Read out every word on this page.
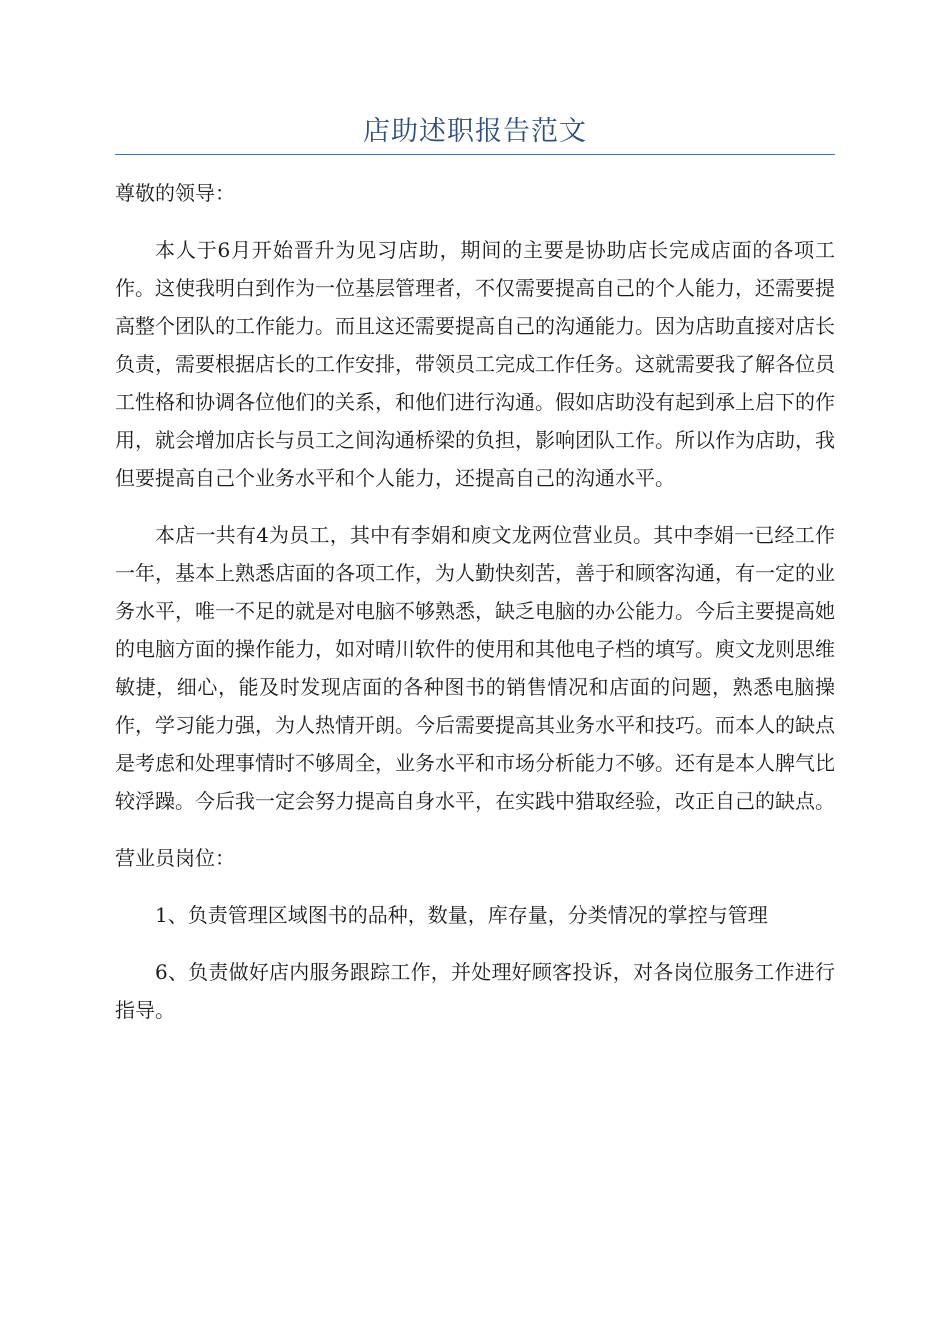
店助述职报告范文

尊敬的领导：

本人于6月开始晋升为见习店助，期间的主要是协助店长完成店面的各项工作。这使我明白到作为一位基层管理者，不仅需要提高自己的个人能力，还需要提高整个团队的工作能力。而且这还需要提高自己的沟通能力。因为店助直接对店长负责，需要根据店长的工作安排，带领员工完成工作任务。这就需要我了解各位员工性格和协调各位他们的关系，和他们进行沟通。假如店助没有起到承上启下的作用，就会增加店长与员工之间沟通桥梁的负担，影响团队工作。所以作为店助，我但要提高自己个业务水平和个人能力，还提高自己的沟通水平。

本店一共有4为员工，其中有李娟和庾文龙两位营业员。其中李娟一已经工作一年，基本上熟悉店面的各项工作，为人勤快刻苦，善于和顾客沟通，有一定的业务水平，唯一不足的就是对电脑不够熟悉，缺乏电脑的办公能力。今后主要提高她的电脑方面的操作能力，如对晴川软件的使用和其他电子档的填写。庾文龙则思维敏捷，细心，能及时发现店面的各种图书的销售情况和店面的问题，熟悉电脑操作，学习能力强，为人热情开朗。今后需要提高其业务水平和技巧。而本人的缺点是考虑和处理事情时不够周全，业务水平和市场分析能力不够。还有是本人脾气比较浮躁。今后我一定会努力提高自身水平，在实践中猎取经验，改正自己的缺点。

营业员岗位：

1、负责管理区域图书的品种，数量，库存量，分类情况的掌控与管理

6、负责做好店内服务跟踪工作，并处理好顾客投诉，对各岗位服务工作进行指导。
